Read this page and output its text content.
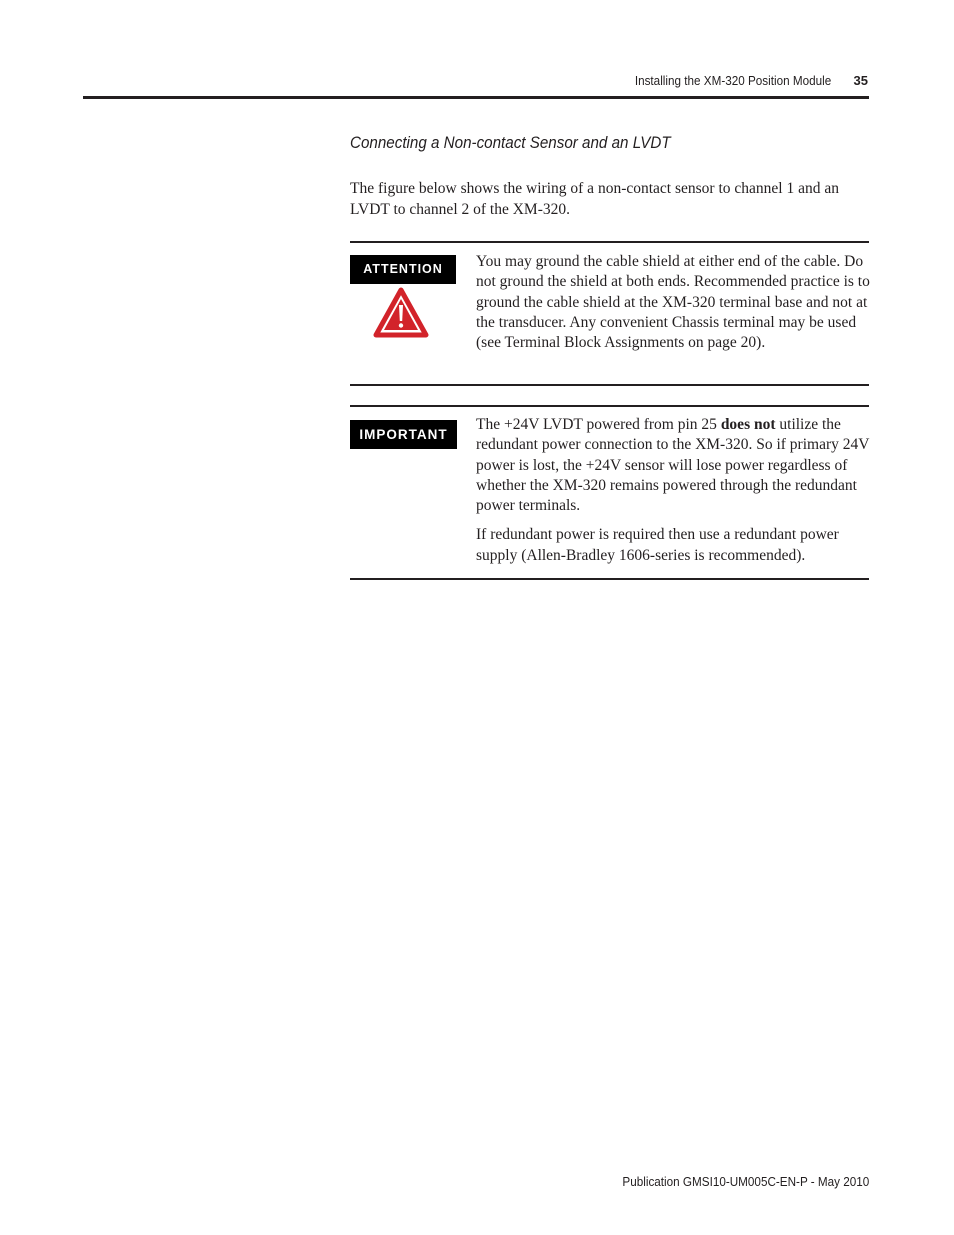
Installing the XM-320 Position Module 35
Connecting a Non-contact Sensor and an LVDT
The figure below shows the wiring of a non-contact sensor to channel 1 and an LVDT to channel 2 of the XM-320.
ATTENTION	You may ground the cable shield at either end of the cable. Do not ground the shield at both ends. Recommended practice is to ground the cable shield at the XM-320 terminal base and not at the transducer. Any convenient Chassis terminal may be used (see Terminal Block Assignments on page 20).
IMPORTANT

The +24V LVDT powered from pin 25 does not utilize the redundant power connection to the XM-320. So if primary 24V power is lost, the +24V sensor will lose power regardless of whether the XM-320 remains powered through the redundant power terminals.

If redundant power is required then use a redundant power supply (Allen-Bradley 1606-series is recommended).

Publication GMSI10-UM005C-EN-P - May 2010
